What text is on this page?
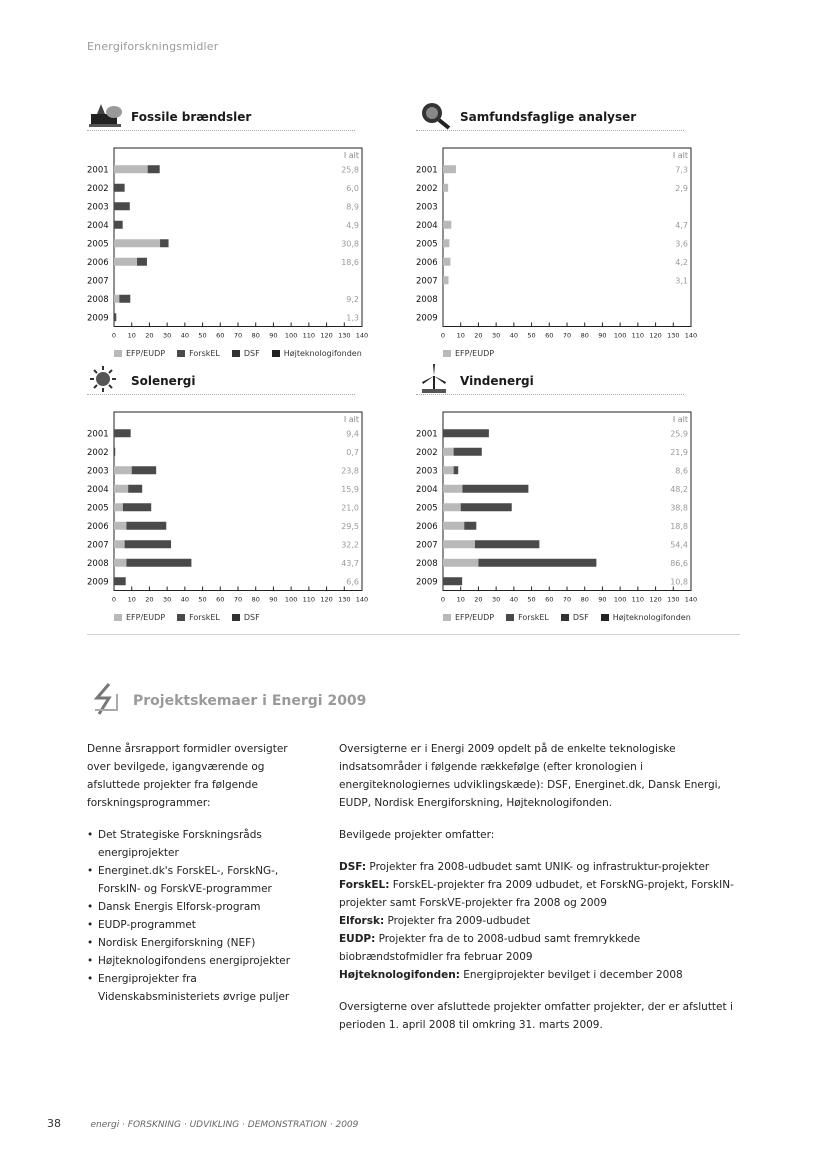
Energiforskningsmidler
Fossile brændsler
I alt
2001	25,8
2002	6,0
2003	8,9
2004	4,9
2005	30,8
2006	18,6
2007
2008	9,2
2009	1,3
0 10 20 30 40 50 60 70 80 90 100 110 120 130 140
EFP/EUDP	ForskEL	DSF	Højteknologifonden
Samfundsfaglige analyser
I alt
2001	7,3
2002	2,9
2003
2004	4,7
2005	3,6
2006	4,2
2007	3,1
2008
2009
0 10 20 30 40 50 60 70 80 90 100 110 120 130 140
EFP/EUDP
Solenergi
I alt
2001	9,4
2002	0,7
2003	23,8
2004	15,9
2005	21,0
2006	29,5
2007	32,2
2008	43,7
2009	6,6
0 10 20 30 40 50 60 70 80 90 100 110 120 130 140
EFP/EUDP	ForskEL	DSF
Vindenergi
I alt
2001	25,9
2002	21,9
2003	8,6
2004	48,2
2005	38,8
2006	18,8
2007	54,4
2008	86,6
2009	10,8
0 10 20 30 40 50 60 70 80 90 100 110 120 130 140
EFP/EUDP	ForskEL	DSF	Højteknologifonden
Projektskemaer i Energi 2009

Denne årsrapport formidler oversigter over bevilgede, igangværende og afsluttede projekter fra følgende forskningsprogrammer:

• Det Strategiske Forskningsråds energiprojekter
• Energinet.dk's ForskEL-, ForskNG-, ForskIN- og ForskVE-programmer
• Dansk Energis Elforsk-program
• EUDP-programmet
• Nordisk Energiforskning (NEF)
• Højteknologifondens energiprojekter
• Energiprojekter fra Videnskabsministeriets øvrige puljer

Oversigterne er i Energi 2009 opdelt på de enkelte teknologiske indsatsområder i følgende rækkefølge (efter kronologien i energiteknologiernes udviklingskæde): DSF, Energinet.dk, Dansk Energi, EUDP, Nordisk Energiforskning, Højteknologifonden.

Bevilgede projekter omfatter:

DSF: Projekter fra 2008-udbudet samt UNIK- og infrastruktur-projekter
ForskEL: ForskEL-projekter fra 2009 udbudet, et ForskNG-projekt, ForskIN-projekter samt ForskVE-projekter fra 2008 og 2009
Elforsk: Projekter fra 2009-udbudet
EUDP: Projekter fra de to 2008-udbud samt fremrykkede biobrændstofmidler fra februar 2009
Højteknologifonden: Energiprojekter bevilget i december 2008

Oversigterne over afsluttede projekter omfatter projekter, der er afsluttet i perioden 1. april 2008 til omkring 31. marts 2009.

38	energi · FORSKNING · UDVIKLING · DEMONSTRATION · 2009
